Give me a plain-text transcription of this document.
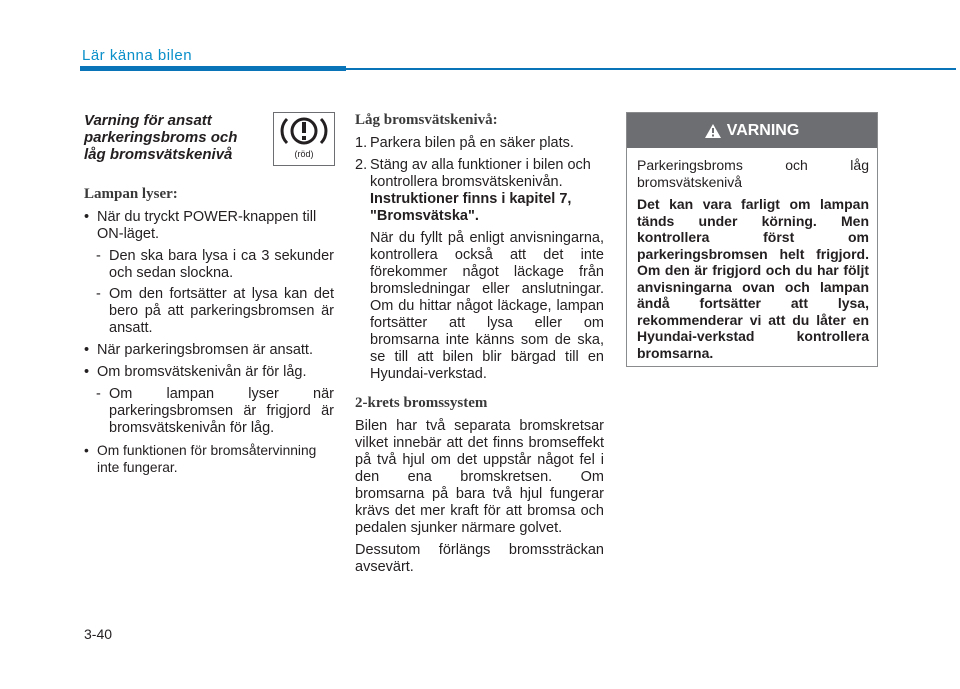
Lär känna bilen
Varning för ansatt
parkeringsbroms och
låg bromsvätskenivå	(röd)

Lampan lyser:

• När du tryckt POWER-knappen till ON-läget.

- Den ska bara lysa i ca 3 sekunder och sedan slockna.

- Om den fortsätter at lysa kan det bero på att parkeringsbromsen är ansatt.

• När parkeringsbromsen är ansatt.

• Om bromsvätskenivån är för låg.

- Om lampan lyser när parkeringsbromsen är frigjord är bromsvätskenivån för låg.

• Om funktionen för bromsåtervinning inte fungerar.

Låg bromsvätskenivå:

1. Parkera bilen på en säker plats.

2. Stäng av alla funktioner i bilen och kontrollera bromsvätskenivån.

Instruktioner finns i kapitel 7, "Bromsvätska".

När du fyllt på enligt anvisningarna, kontrollera också att det inte förekommer något läckage från bromsledningar eller anslutningar. Om du hittar något läckage, lampan fortsätter att lysa eller om bromsarna inte känns som de ska, se till att bilen blir bärgad till en Hyundai-verkstad.

2-krets bromssystem

Bilen har två separata bromskretsar vilket innebär att det finns bromseffekt på två hjul om det uppstår något fel i den ena bromskretsen. Om bromsarna på bara två hjul fungerar krävs det mer kraft för att bromsa och pedalen sjunker närmare golvet.

Dessutom förlängs bromssträckan avsevärt.

VARNING

Parkeringsbroms och låg bromsvätskenivå

Det kan vara farligt om lampan tänds under körning. Men kontrollera först om parkeringsbromsen helt frigjord. Om den är frigjord och du har följt anvisningarna ovan och lampan ändå fortsätter att lysa, rekommenderar vi att du låter en Hyundai-verkstad kontrollera bromsarna.

3-40
